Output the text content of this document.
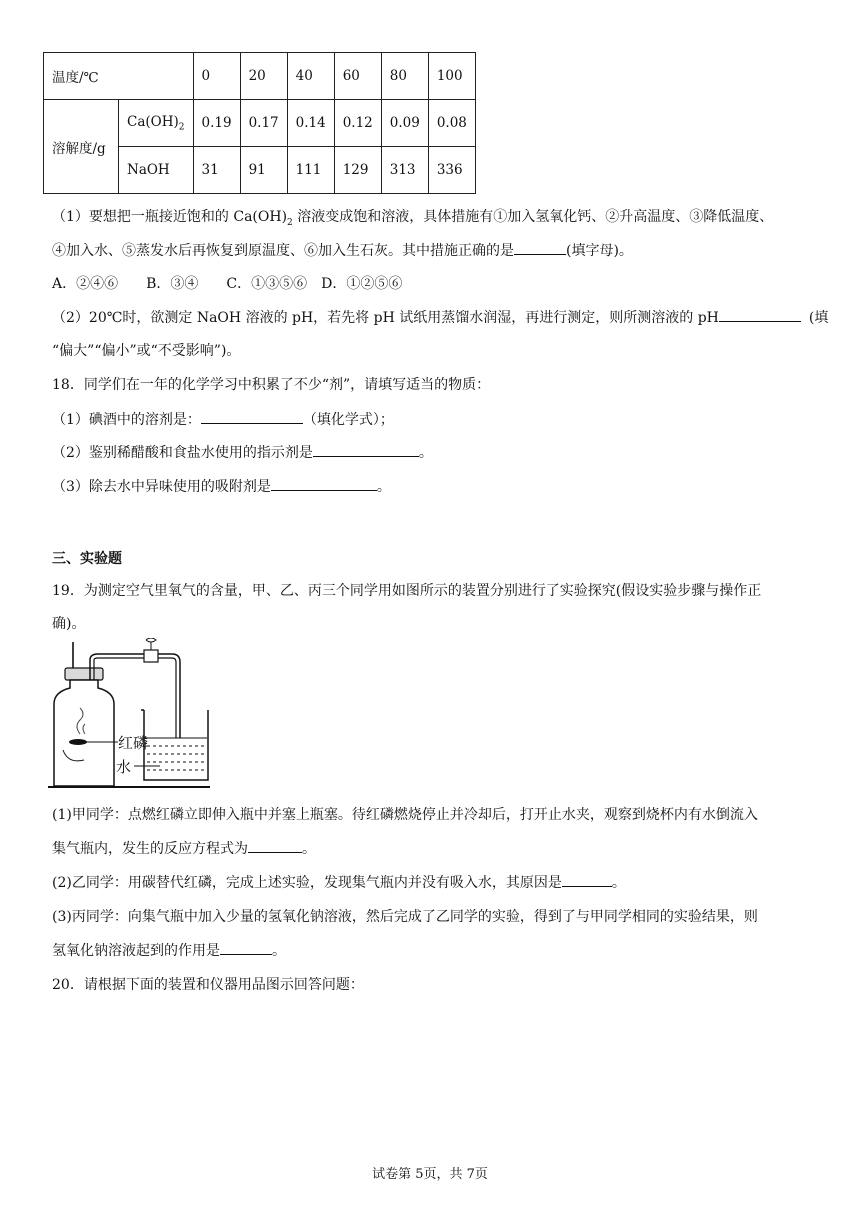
温度/℃		0	20	40	60	80	100
溶解度/g	$Ca(OH)_2$	0.19	0.17	0.14	0.12	0.09	0.08
	NaOH	31	91	111	129	313	336
（1）要想把一瓶接近饱和的 $Ca(OH)_2$ 溶液变成饱和溶液，具体措施有①加入氢氧化钙、②升高温度、③降低温度、
④加入水、⑤蒸发水后再恢复到原温度、⑥加入生石灰。其中措施正确的是	(填字母)。
A．②④⑥　　B．③④　　C．①③⑤⑥　D．①②⑤⑥
（2）20℃时，欲测定 NaOH 溶液的 pH，若先将 pH 试纸用蒸馏水润湿，再进行测定，则所测溶液的 pH	(填
“偏大”“偏小”或“不受影响”)。
18．同学们在一年的化学学习中积累了不少“剂”，请填写适当的物质：
（1）碘酒中的溶剂是：	（填化学式）；
（2）鉴别稀醋酸和食盐水使用的指示剂是	。
（3）除去水中异味使用的吸附剂是	。
三、实验题
19．为测定空气里氧气的含量，甲、乙、丙三个同学用如图所示的装置分别进行了实验探究(假设实验步骤与操作正
确)。
红磷
水
(1)甲同学：点燃红磷立即伸入瓶中并塞上瓶塞。待红磷燃烧停止并冷却后，打开止水夹，观察到烧杯内有水倒流入
集气瓶内，发生的反应方程式为	。
(2)乙同学：用碳替代红磷，完成上述实验，发现集气瓶内并没有吸入水，其原因是	。
(3)丙同学：向集气瓶中加入少量的氢氧化钠溶液，然后完成了乙同学的实验，得到了与甲同学相同的实验结果，则
氢氧化钠溶液起到的作用是	。
20．请根据下面的装置和仪器用品图示回答问题：
试卷第 5页，共 7页
